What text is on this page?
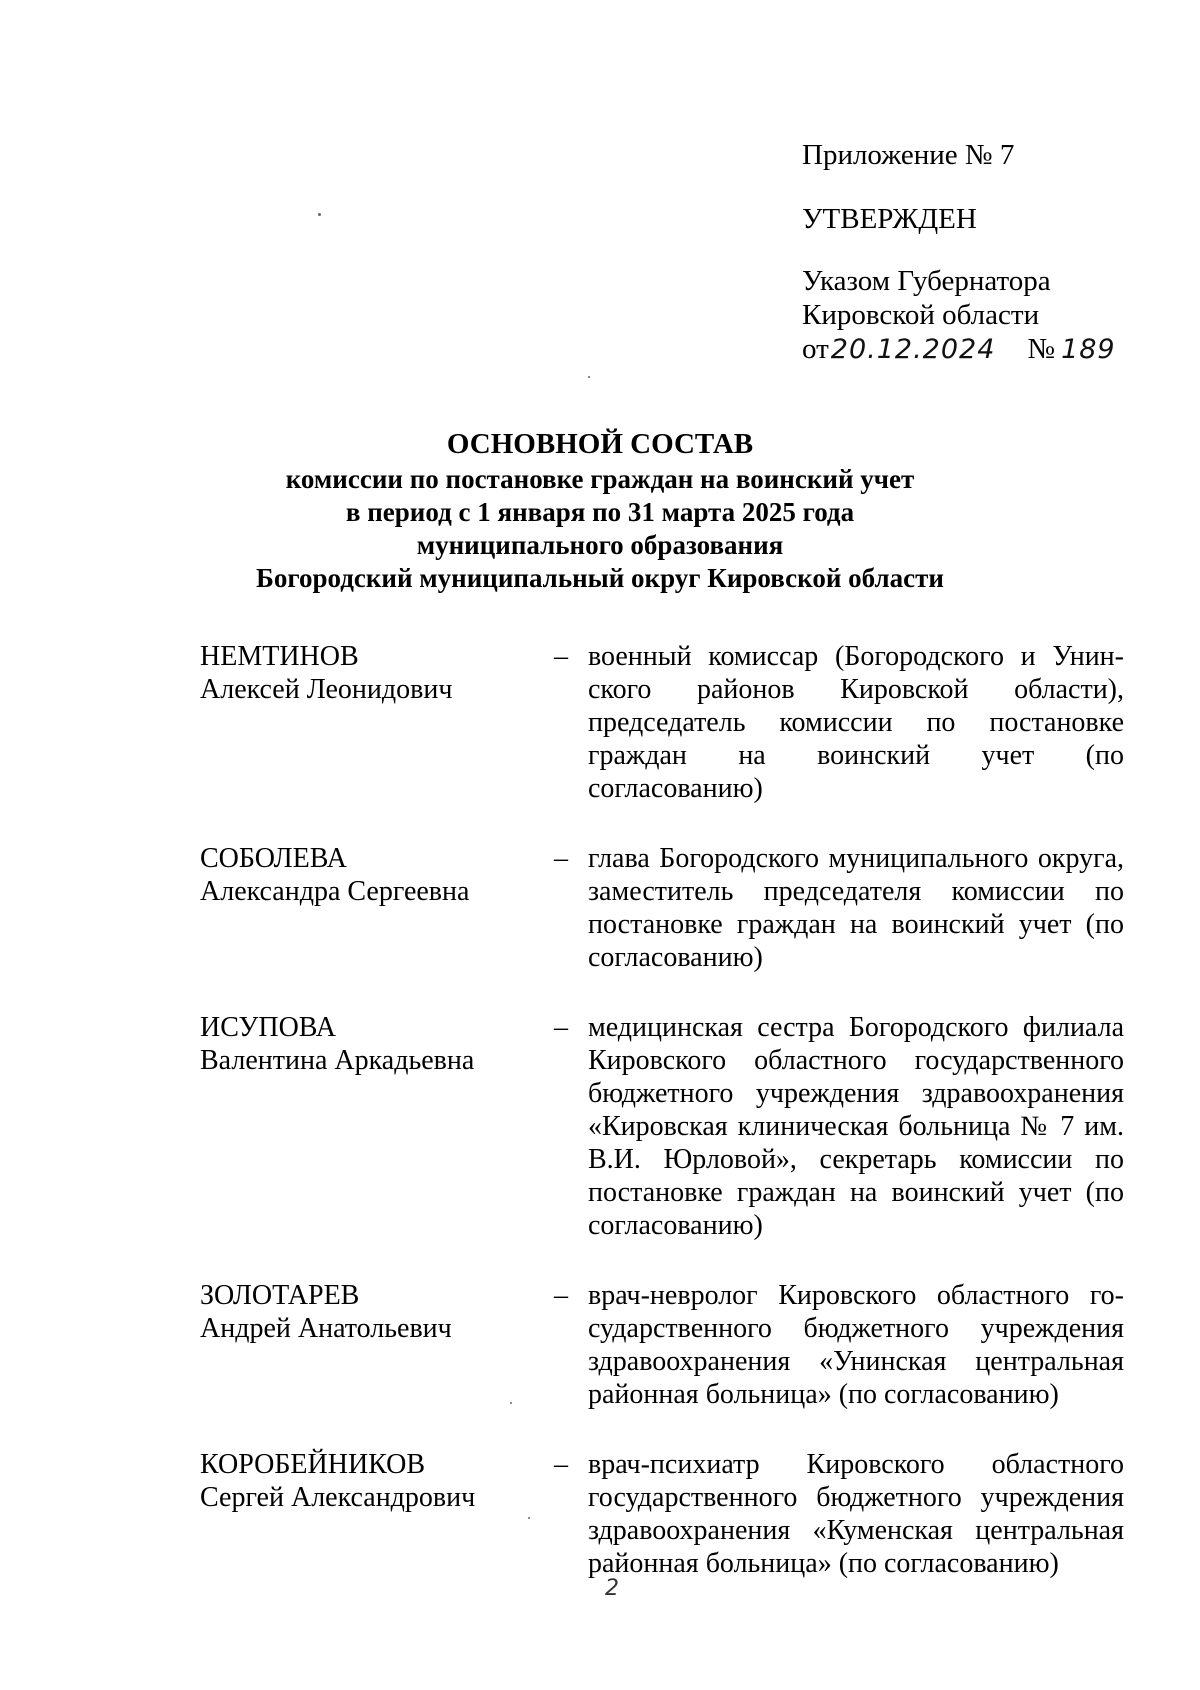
Приложение № 7
УТВЕРЖДЕН
Указом Губернатора
Кировской области
от20.12.2024 № 189
ОСНОВНОЙ СОСТАВ
комиссии по постановке граждан на воинский учет
в период с 1 января по 31 марта 2025 года
муниципального образования
Богородский муниципальный округ Кировской области
НЕМТИНОВ
Алексей Леонидович
– военный комиссар (Богородского и Унинского районов Кировской области), председатель комиссии по постановке граждан на воинский учет (по согласованию)
СОБОЛЕВА
Александра Сергеевна
– глава Богородского муниципального округа, заместитель председателя комиссии по постановке граждан на воинский учет (по согласованию)
ИСУПОВА
Валентина Аркадьевна
– медицинская сестра Богородского филиала Кировского областного государственного бюджетного учреждения здравоохранения «Кировская клиническая больница № 7 им. В.И. Юрловой», секретарь комиссии по постановке граждан на воинский учет (по согласованию)
ЗОЛОТАРЕВ
Андрей Анатольевич
– врач-невролог Кировского областного государственного бюджетного учреждения здравоохранения «Унинская центральная районная больница» (по согласованию)
КОРОБЕЙНИКОВ
Сергей Александрович
– врач-психиатр Кировского областного государственного бюджетного учреждения здравоохранения «Куменская центральная районная больница» (по согласованию)
2
